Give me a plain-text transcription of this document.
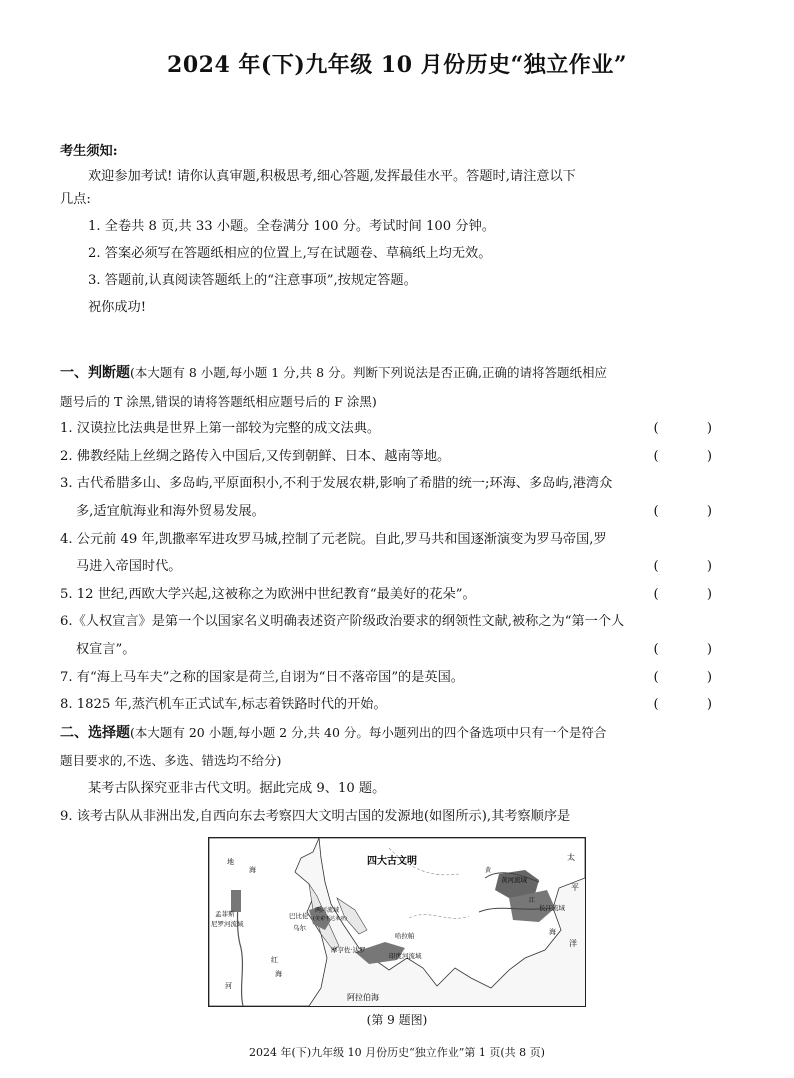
2024 年(下)九年级 10 月份历史“独立作业”
考生须知:
欢迎参加考试! 请你认真审题,积极思考,细心答题,发挥最佳水平。答题时,请注意以下
几点:
1. 全卷共 8 页,共 33 小题。全卷满分 100 分。考试时间 100 分钟。
2. 答案必须写在答题纸相应的位置上,写在试题卷、草稿纸上均无效。
3. 答题前,认真阅读答题纸上的“注意事项”,按规定答题。
祝你成功!
一、判断题(本大题有 8 小题,每小题 1 分,共 8 分。判断下列说法是否正确,正确的请将答题纸相应
题号后的 T 涂黑,错误的请将答题纸相应题号后的 F 涂黑)
1. 汉谟拉比法典是世界上第一部较为完整的成文法典。	( )
2. 佛教经陆上丝绸之路传入中国后,又传到朝鲜、日本、越南等地。	( )
3. 古代希腊多山、多岛屿,平原面积小,不利于发展农耕,影响了希腊的统一;环海、多岛屿,港湾众
多,适宜航海业和海外贸易发展。	( )
4. 公元前 49 年,凯撒率军进攻罗马城,控制了元老院。自此,罗马共和国逐渐演变为罗马帝国,罗
马进入帝国时代。	( )
5. 12 世纪,西欧大学兴起,这被称之为欧洲中世纪教育“最美好的花朵”。	( )
6.《人权宣言》是第一个以国家名义明确表述资产阶级政治要求的纲领性文献,被称之为“第一个人
权宣言”。	( )
7. 有“海上马车夫”之称的国家是荷兰,自诩为“日不落帝国”的是英国。	( )
8. 1825 年,蒸汽机车正式试车,标志着铁路时代的开始。	( )
二、选择题(本大题有 20 小题,每小题 2 分,共 40 分。每小题列出的四个备选项中只有一个是符合
题目要求的,不选、多选、错选均不给分)
某考古队探究亚非古代文明。据此完成 9、10 题。
9. 该考古队从非洲出发,自西向东去考察四大文明古国的发源地(如图所示),其考察顺序是
四大古文明
孟菲斯
尼罗河流域
巴比伦
乌尔
两河流域
(美索不达米亚)
哈拉帕
摩亨佐·达罗
印度河流域
黄河流域
长江流域
阿拉伯海
太
平
洋
地
海
红
海
河
江
黄
海
(第 9 题图)
2024 年(下)九年级 10 月份历史“独立作业”第 1 页(共 8 页)
